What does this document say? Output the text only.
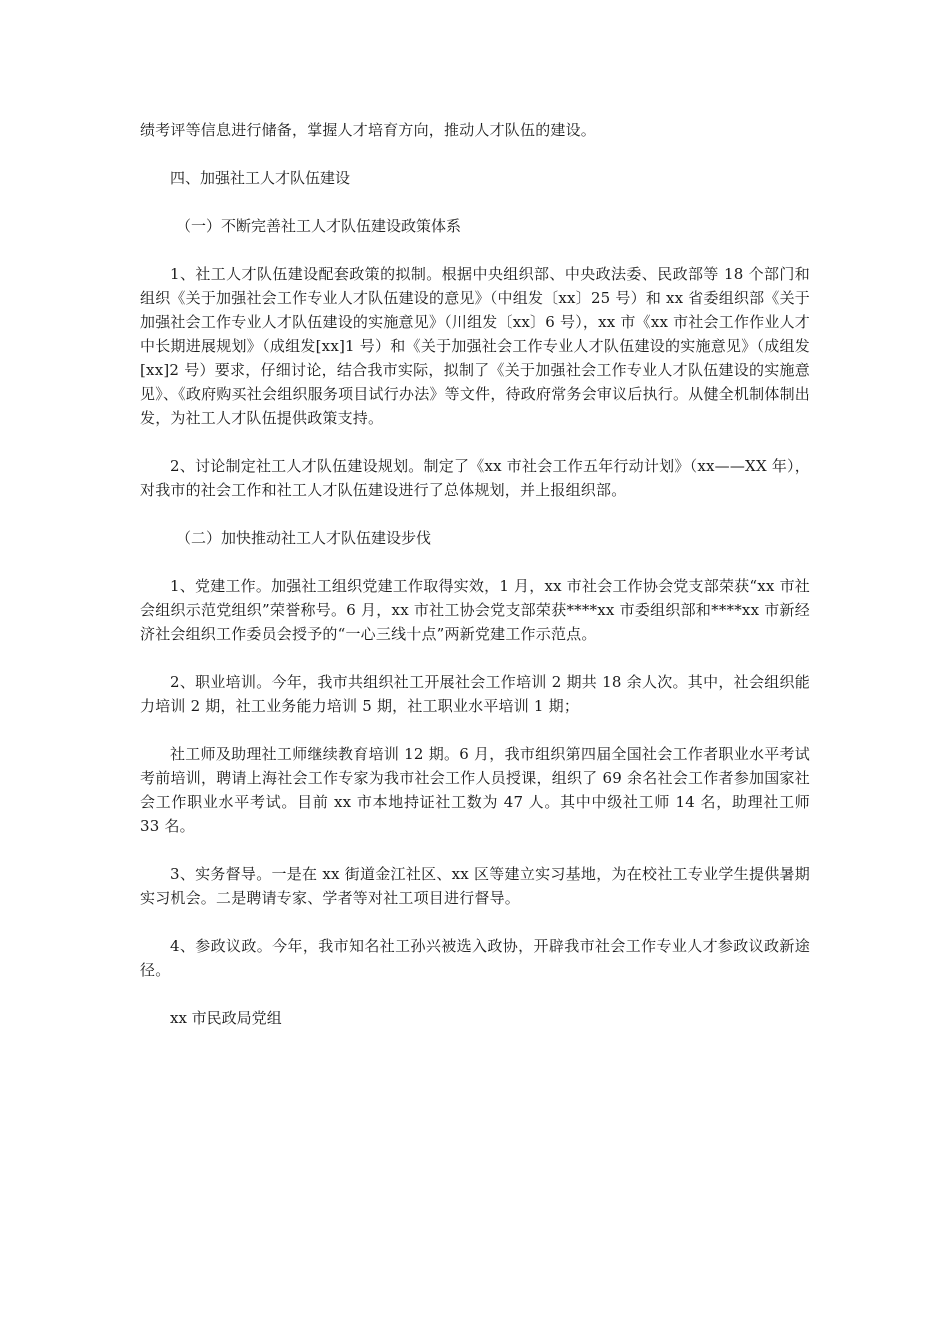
绩考评等信息进行储备，掌握人才培育方向，推动人才队伍的建设。

四、加强社工人才队伍建设

（一）不断完善社工人才队伍建设政策体系

1、社工人才队伍建设配套政策的拟制。根据中央组织部、中央政法委、民政部等 18 个部门和组织《关于加强社会工作专业人才队伍建设的意见》（中组发〔xx〕25 号）和 xx 省委组织部《关于加强社会工作专业人才队伍建设的实施意见》（川组发〔xx〕6 号），xx 市《xx 市社会工作作业人才中长期进展规划》（成组发[xx]1 号）和《关于加强社会工作专业人才队伍建设的实施意见》（成组发[xx]2 号）要求，仔细讨论，结合我市实际，拟制了《关于加强社会工作专业人才队伍建设的实施意见》、《政府购买社会组织服务项目试行办法》等文件，待政府常务会审议后执行。从健全机制体制出发，为社工人才队伍提供政策支持。

2、讨论制定社工人才队伍建设规划。制定了《xx 市社会工作五年行动计划》（xx——XX 年），对我市的社会工作和社工人才队伍建设进行了总体规划，并上报组织部。

（二）加快推动社工人才队伍建设步伐

1、党建工作。加强社工组织党建工作取得实效，1 月，xx 市社会工作协会党支部荣获“xx 市社会组织示范党组织”荣誉称号。6 月，xx 市社工协会党支部荣获****xx 市委组织部和****xx 市新经济社会组织工作委员会授予的“一心三线十点”两新党建工作示范点。

2、职业培训。今年，我市共组织社工开展社会工作培训 2 期共 18 余人次。其中，社会组织能力培训 2 期，社工业务能力培训 5 期，社工职业水平培训 1 期；

社工师及助理社工师继续教育培训 12 期。6 月，我市组织第四届全国社会工作者职业水平考试考前培训，聘请上海社会工作专家为我市社会工作人员授课，组织了 69 余名社会工作者参加国家社会工作职业水平考试。目前 xx 市本地持证社工数为 47 人。其中中级社工师 14 名，助理社工师 33 名。

3、实务督导。一是在 xx 街道金江社区、xx 区等建立实习基地，为在校社工专业学生提供暑期实习机会。二是聘请专家、学者等对社工项目进行督导。

4、参政议政。今年，我市知名社工孙兴被选入政协，开辟我市社会工作专业人才参政议政新途径。

xx 市民政局党组
